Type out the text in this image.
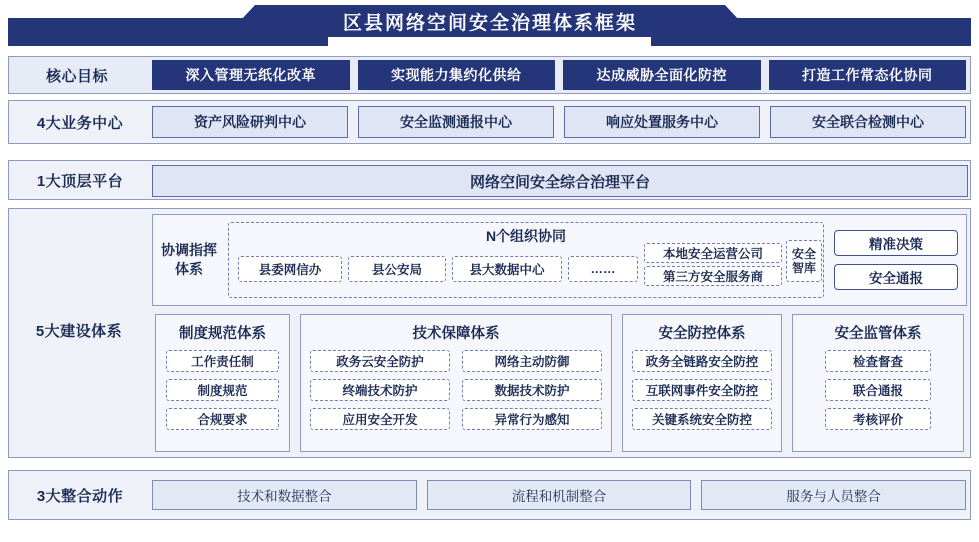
区县网络空间安全治理体系框架
核心目标	深入管理无纸化改革	实现能力集约化供给	达成威胁全面化防控	打造工作常态化协同
4大业务中心	资产风险研判中心	安全监测通报中心	响应处置服务中心	安全联合检测中心
1大顶层平台	网络空间安全综合治理平台
5大建设体系
协调指挥体系
N个组织协同
县委网信办	县公安局	县大数据中心	……
本地安全运营公司
第三方安全服务商
安全智库
精准决策
安全通报
制度规范体系
工作责任制
制度规范
合规要求
技术保障体系
政务云安全防护	网络主动防御
终端技术防护	数据技术防护
应用安全开发	异常行为感知
安全防控体系
政务全链路安全防控
互联网事件安全防控
关键系统安全防控
安全监管体系
检查督查
联合通报
考核评价
3大整合动作	技术和数据整合	流程和机制整合	服务与人员整合
